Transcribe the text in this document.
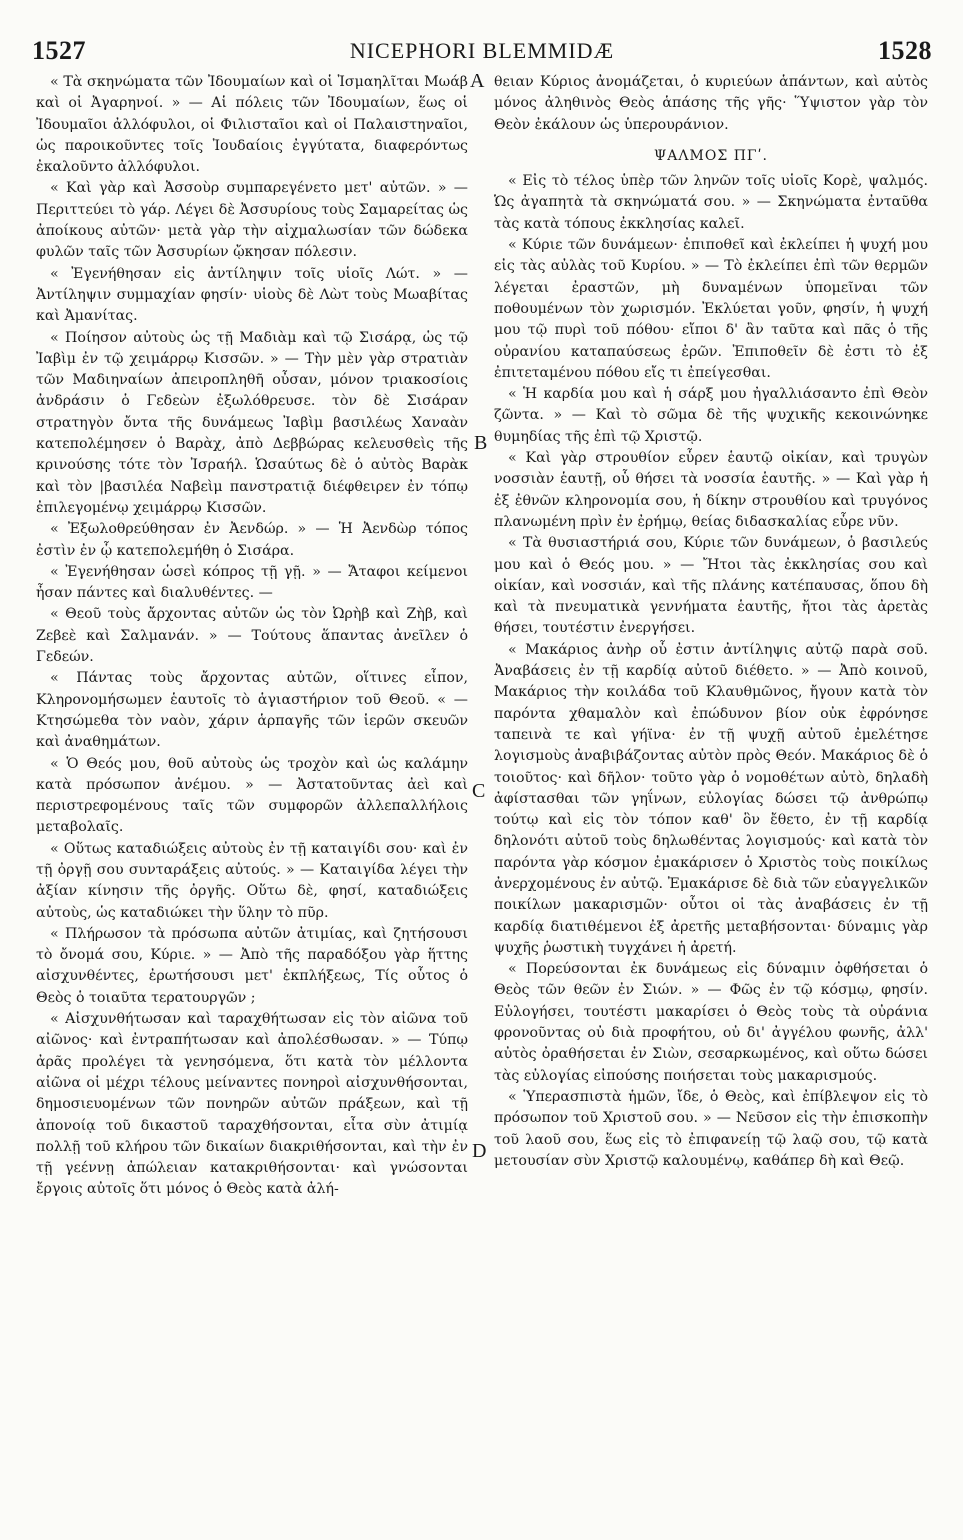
1527	NICEPHORI BLEMMIDÆ	1528

« Τὰ σκηνώματα τῶν Ἰδουμαίων καὶ οἱ Ἰσμαηλῖται Μωάβ καὶ οἱ Ἀγαρηνοί. » — Αἱ πόλεις τῶν Ἰδουμαίων, ἕως οἱ Ἰδουμαῖοι ἀλλόφυλοι, οἱ Φιλισταῖοι καὶ οἱ Παλαιστηναῖοι, ὡς παροικοῦντες τοῖς Ἰουδαίοις ἐγγύτατα, διαφερόντως ἐκαλοῦντο ἀλλόφυλοι.

« Καὶ γὰρ καὶ Ἀσσοὺρ συμπαρεγένετο μετ' αὐτῶν. » — Περιττεύει τὸ γάρ. Λέγει δὲ Ἀσσυρίους τοὺς Σαμαρείτας ὡς ἀποίκους αὐτῶν· μετὰ γὰρ τὴν αἰχμαλωσίαν τῶν δώδεκα φυλῶν ταῖς τῶν Ἀσσυρίων ᾤκησαν πόλεσιν.

« Ἐγενήθησαν εἰς ἀντίληψιν τοῖς υἱοῖς Λώτ. » — Ἀντίληψιν συμμαχίαν φησίν· υἱοὺς δὲ Λὼτ τοὺς Μωαβίτας καὶ Ἀμανίτας.

« Ποίησον αὐτοὺς ὡς τῇ Μαδιὰμ καὶ τῷ Σισάρᾳ, ὡς τῷ Ἰαβὶμ ἐν τῷ χειμάρρῳ Κισσῶν. » — Τὴν μὲν γὰρ στρατιὰν τῶν Μαδιηναίων ἀπειροπληθῆ οὖσαν, μόνον τριακοσίοις ἀνδράσιν ὁ Γεδεὼν ἐξωλόθρευσε. τὸν δὲ Σισάραν στρατηγὸν ὄντα τῆς δυνάμεως Ἰαβὶμ βασιλέως Χαναὰν κατεπολέμησεν ὁ Βαρὰχ, ἀπὸ Δεββώρας κελευσθεὶς τῆς κρινούσης τότε τὸν Ἰσραήλ. Ὡσαύτως δὲ ὁ αὐτὸς Βαρὰκ καὶ τὸν |βασιλέα Ναβεὶμ πανστρατιᾷ διέφθειρεν ἐν τόπῳ ἐπιλεγομένῳ χειμάρρῳ Κισσῶν.

« Ἐξωλοθρεύθησαν ἐν Ἀενδώρ. » — Ἡ Ἀενδὼρ τόπος ἐστὶν ἐν ᾧ κατεπολεμήθη ὁ Σισάρα.

« Ἐγενήθησαν ὡσεὶ κόπρος τῇ γῇ. » — Ἄταφοι κείμενοι ἦσαν πάντες καὶ διαλυθέντες. —

« Θεοῦ τοὺς ἄρχοντας αὐτῶν ὡς τὸν Ὠρὴβ καὶ Ζὴβ, καὶ Ζεβεὲ καὶ Σαλμανάν. » — Τούτους ἅπαντας ἀνεῖλεν ὁ Γεδεών.

« Πάντας τοὺς ἄρχοντας αὐτῶν, οἵτινες εἶπον, Κληρονομήσωμεν ἑαυτοῖς τὸ ἁγιαστήριον τοῦ Θεοῦ. « — Κτησώμεθα τὸν ναὸν, χάριν ἁρπαγῆς τῶν ἱερῶν σκευῶν καὶ ἀναθημάτων.

« Ὁ Θεός μου, θοῦ αὐτοὺς ὡς τροχὸν καὶ ὡς καλάμην κατὰ πρόσωπον ἀνέμου. » — Ἀστατοῦντας ἀεὶ καὶ περιστρεφομένους ταῖς τῶν συμφορῶν ἀλλεπαλλήλοις μεταβολαῖς.

« Οὕτως καταδιώξεις αὐτοὺς ἐν τῇ καταιγίδι σου· καὶ ἐν τῇ ὀργῇ σου συνταράξεις αὐτούς. » — Καταιγίδα λέγει τὴν ἀξίαν κίνησιν τῆς ὀργῆς. Οὕτω δὲ, φησί, καταδιώξεις αὐτοὺς, ὡς καταδιώκει τὴν ὕλην τὸ πῦρ.

« Πλήρωσον τὰ πρόσωπα αὐτῶν ἀτιμίας, καὶ ζητήσουσι τὸ ὄνομά σου, Κύριε. » — Ἀπὸ τῆς παραδόξου γὰρ ἥττης αἰσχυνθέντες, ἐρωτήσουσι μετ' ἐκπλήξεως, Τίς οὗτος ὁ Θεὸς ὁ τοιαῦτα τερατουργῶν ;

« Αἰσχυνθήτωσαν καὶ ταραχθήτωσαν εἰς τὸν αἰῶνα τοῦ αἰῶνος· καὶ ἐντραπήτωσαν καὶ ἀπολέσθωσαν. » — Τύπῳ ἀρᾶς προλέγει τὰ γενησόμενα, ὅτι κατὰ τὸν μέλλοντα αἰῶνα οἱ μέχρι τέλους μείναντες πονηροὶ αἰσχυνθήσονται, δημοσιευομένων τῶν πονηρῶν αὐτῶν πράξεων, καὶ τῇ ἀπονοίᾳ τοῦ δικαστοῦ ταραχθήσονται, εἶτα σὺν ἀτιμίᾳ πολλῇ τοῦ κλήρου τῶν δικαίων διακριθήσονται, καὶ τὴν ἐν τῇ γεέννῃ ἀπώλειαν κατακριθήσονται· καὶ γνώσονται ἔργοις αὐτοῖς ὅτι μόνος ὁ Θεὸς κατὰ ἀλή-

A
B
C
D

θειαν Κύριος ἀνομάζεται, ὁ κυριεύων ἁπάντων, καὶ αὐτὸς μόνος ἀληθινὸς Θεὸς ἁπάσης τῆς γῆς· Ὕψιστον γὰρ τὸν Θεὸν ἐκάλουν ὡς ὑπερουράνιον.

ΨΑΛΜΟΣ ΠΓʹ.

« Εἰς τὸ τέλος ὑπὲρ τῶν ληνῶν τοῖς υἱοῖς Κορὲ, ψαλμός. Ὡς ἀγαπητὰ τὰ σκηνώματά σου. » — Σκηνώματα ἐνταῦθα τὰς κατὰ τόπους ἐκκλησίας καλεῖ.

« Κύριε τῶν δυνάμεων· ἐπιποθεῖ καὶ ἐκλείπει ἡ ψυχή μου εἰς τὰς αὐλὰς τοῦ Κυρίου. » — Τὸ ἐκλείπει ἐπὶ τῶν θερμῶν λέγεται ἐραστῶν, μὴ δυναμένων ὑπομεῖναι τῶν ποθουμένων τὸν χωρισμόν. Ἐκλύεται γοῦν, φησίν, ἡ ψυχή μου τῷ πυρὶ τοῦ πόθου· εἴποι δ' ἂν ταῦτα καὶ πᾶς ὁ τῆς οὐρανίου καταπαύσεως ἐρῶν. Ἐπιποθεῖν δὲ ἐστι τὸ ἐξ ἐπιτεταμένου πόθου εἴς τι ἐπείγεσθαι.

« Ἡ καρδία μου καὶ ἡ σάρξ μου ἠγαλλιάσαντο ἐπὶ Θεὸν ζῶντα. » — Καὶ τὸ σῶμα δὲ τῆς ψυχικῆς κεκοινώνηκε θυμηδίας τῆς ἐπὶ τῷ Χριστῷ.

« Καὶ γὰρ στρουθίον εὗρεν ἑαυτῷ οἰκίαν, καὶ τρυγὼν νοσσιὰν ἑαυτῇ, οὗ θήσει τὰ νοσσία ἑαυτῆς. » — Καὶ γὰρ ἡ ἐξ ἐθνῶν κληρονομία σου, ἡ δίκην στρουθίου καὶ τρυγόνος πλανωμένη πρὶν ἐν ἐρήμῳ, θείας διδασκαλίας εὗρε νῦν.

« Τὰ θυσιαστήριά σου, Κύριε τῶν δυνάμεων, ὁ βασιλεύς μου καὶ ὁ Θεός μου. » — Ἤτοι τὰς ἐκκλησίας σου καὶ οἰκίαν, καὶ νοσσιάν, καὶ τῆς πλάνης κατέπαυσας, ὅπου δὴ καὶ τὰ πνευματικὰ γεννήματα ἑαυτῆς, ἤτοι τὰς ἀρετὰς θήσει, τουτέστιν ἐνεργήσει.

« Μακάριος ἀνὴρ οὗ ἐστιν ἀντίληψις αὐτῷ παρὰ σοῦ. Ἀναβάσεις ἐν τῇ καρδίᾳ αὐτοῦ διέθετο. » — Ἀπὸ κοινοῦ, Μακάριος τὴν κοιλάδα τοῦ Κλαυθμῶνος, ἤγουν κατὰ τὸν παρόντα χθαμαλὸν καὶ ἐπώδυνον βίον οὐκ ἐφρόνησε ταπεινὰ τε καὶ γήϊνα· ἐν τῇ ψυχῇ αὐτοῦ ἐμελέτησε λογισμοὺς ἀναβιβάζοντας αὐτὸν πρὸς Θεόν. Μακάριος δὲ ὁ τοιοῦτος· καὶ δῆλον· τοῦτο γὰρ ὁ νομοθέτων αὐτὸ, δηλαδὴ ἀφίστασθαι τῶν γηΐνων, εὐλογίας δώσει τῷ ἀνθρώπῳ τούτῳ καὶ εἰς τὸν τόπον καθ' ὃν ἔθετο, ἐν τῇ καρδίᾳ δηλονότι αὐτοῦ τοὺς δηλωθέντας λογισμούς· καὶ κατὰ τὸν παρόντα γὰρ κόσμον ἐμακάρισεν ὁ Χριστὸς τοὺς ποικίλως ἀνερχομένους ἐν αὐτῷ. Ἐμακάρισε δὲ διὰ τῶν εὐαγγελικῶν ποικίλων μακαρισμῶν· οὗτοι οἱ τὰς ἀναβάσεις ἐν τῇ καρδίᾳ διατιθέμενοι ἐξ ἀρετῆς μεταβήσονται· δύναμις γὰρ ψυχῆς ῥωστικὴ τυγχάνει ἡ ἀρετή.

« Πορεύσονται ἐκ δυνάμεως εἰς δύναμιν ὀφθήσεται ὁ Θεὸς τῶν θεῶν ἐν Σιών. » — Φῶς ἐν τῷ κόσμῳ, φησίν. Εὐλογήσει, τουτέστι μακαρίσει ὁ Θεὸς τοὺς τὰ οὐράνια φρονοῦντας οὐ διὰ προφήτου, οὐ δι' ἀγγέλου φωνῆς, ἀλλ' αὐτὸς ὀραθήσεται ἐν Σιὼν, σεσαρκωμένος, καὶ οὕτω δώσει τὰς εὐλογίας εἰπούσης ποιήσεται τοὺς μακαρισμούς.

« Ὑπερασπιστὰ ἡμῶν, ἴδε, ὁ Θεὸς, καὶ ἐπίβλεψον εἰς τὸ πρόσωπον τοῦ Χριστοῦ σου. » — Νεῦσον εἰς τὴν ἐπισκοπὴν τοῦ λαοῦ σου, ἕως εἰς τὸ ἐπιφανείῃ τῷ λαῷ σου, τῷ κατὰ μετουσίαν σὺν Χριστῷ καλουμένῳ, καθάπερ δὴ καὶ Θεῷ.
